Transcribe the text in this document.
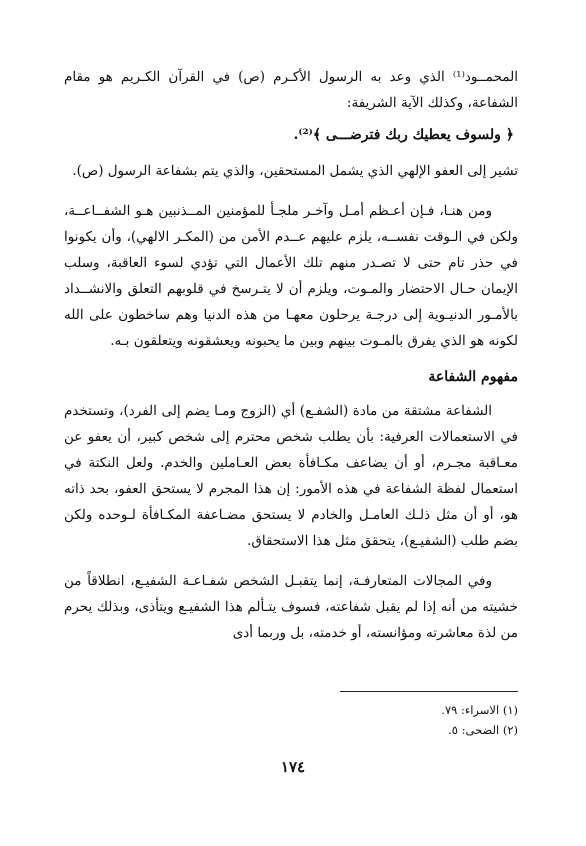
المحمــود⁽¹⁾ الذي وعد به الرسول الأكـرم (ص) في القرآن الكـريم هو مقام الشفاعة، وكذلك الآية الشريفة:

﴿ ولسوف يعطيك ربك فترضـــى ﴾⁽²⁾.

تشير إلى العفو الإلهي الذي يشمل المستحقين، والذي يتم بشفاعة الرسول (ص).

ومن هنـا، فـإن أعـظم أمـل وآخـر ملجـأ للمؤمنين المــذنبين هـو الشفــاعــة، ولكن في الـوقت نفســه، يلزم عليهم عــدم الأمن من (المكـر الالهي)، وأن يكونوا في حذر تام حتى لا تصـدر منهم تلك الأعمال التي تؤدي لسوء العاقبة، وسلب الإيمان حـال الاحتضار والمـوت، ويلزم أن لا يتـرسخ في قلوبهم التعلق والانشــداد بالأمـور الدنيـوية إلى درجـة يرحلون معهـا من هذه الدنيا وهم ساخطون على الله لكونه هو الذي يفرق بالمـوت بينهم وبين ما يحبونه ويعشقونه ويتعلقون بـه.

مفهوم الشفاعة

الشفاعة مشتقة من مادة (الشفـع) أي (الزوج ومـا يضم إلى الفرد)، وتستخدم في الاستعمالات العرفية: بأن يطلب شخص محترم إلى شخص كبير، أن يعفو عن معـاقبة مجـرم، أو أن يضاعف مكـافأة بعض العـاملين والخدم. ولعل النكتة في استعمال لفظة الشفاعة في هذه الأمور: إن هذا المجرم لا يستحق العفو، بحد ذاته هو، أو أن مثل ذلـك العامـل والخادم لا يستحق مضـاعفة المكـافأة لـوحده ولكن بضم طلب (الشفيـع)، يتحقق مثل هذا الاستحقاق.

وفي المجالات المتعارفـة، إنما يتقبـل الشخص شفـاعـة الشفيـع، انطلاقاً من خشيته من أنه إذا لم يقبل شفاعته، فسوف يتـألم هذا الشفيـع ويتأذى، وبذلك يحرم من لذة معاشرته ومؤانسته، أو خدمته، بل وربما أدى

(١) الاسراء: ٧٩.
(٢) الضحى: ٥.
١٧٤
